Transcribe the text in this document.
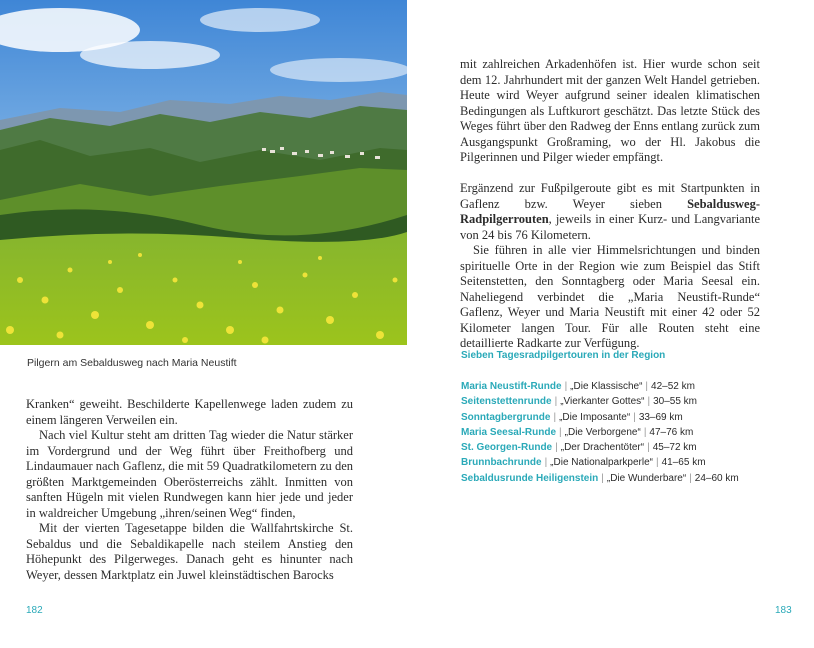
Pilgern am Sebaldusweg nach Maria Neustift

Kranken“ geweiht. Beschilderte Kapellenwege laden zudem zu einem längeren Verweilen ein.

Nach viel Kultur steht am dritten Tag wieder die Natur stärker im Vordergrund und der Weg führt über Freithofberg und Lindaumauer nach Gaflenz, die mit 59 Quadratkilometern zu den größten Marktgemeinden Oberösterreichs zählt. Inmitten von sanften Hügeln mit vielen Rundwegen kann hier jede und jeder in waldreicher Umgebung „ihren/seinen Weg“ finden,

Mit der vierten Tagesetappe bilden die Wallfahrtskirche St. Sebaldus und die Sebaldikapelle nach steilem Anstieg den Höhepunkt des Pilgerweges. Danach geht es hinunter nach Weyer, dessen Marktplatz ein Juwel kleinstädtischen Barocks

mit zahlreichen Arkadenhöfen ist. Hier wurde schon seit dem 12. Jahrhundert mit der ganzen Welt Handel getrieben. Heute wird Weyer aufgrund seiner idealen klimatischen Bedingungen als Luftkurort geschätzt. Das letzte Stück des Weges führt über den Radweg der Enns entlang zurück zum Ausgangspunkt Großraming, wo der Hl. Jakobus die Pilgerinnen und Pilger wieder empfängt.

Ergänzend zur Fußpilgeroute gibt es mit Startpunkten in Gaflenz bzw. Weyer sieben Sebaldusweg-Radpilgerrouten, jeweils in einer Kurz- und Langvariante von 24 bis 76 Kilometern.

Sie führen in alle vier Himmelsrichtungen und binden spirituelle Orte in der Region wie zum Beispiel das Stift Seitenstetten, den Sonntagberg oder Maria Seesal ein. Naheliegend verbindet die „Maria Neustift-Runde“ Gaflenz, Weyer und Maria Neustift mit einer 42 oder 52 Kilometer langen Tour. Für alle Routen steht eine detaillierte Radkarte zur Verfügung.

Sieben Tagesradpilgertouren in der Region
Maria Neustift-Runde | „Die Klassische“ | 42–52 km
Seitenstettenrunde | „Vierkanter Gottes“ | 30–55 km
Sonntagbergrunde | „Die Imposante“ | 33–69 km
Maria Seesal-Runde | „Die Verborgene“ | 47–76 km
St. Georgen-Runde | „Der Drachentöter“ | 45–72 km
Brunnbachrunde | „Die Nationalparkperle“ | 41–65 km
Sebaldusrunde Heiligenstein | „Die Wunderbare“ | 24–60 km
182	183
